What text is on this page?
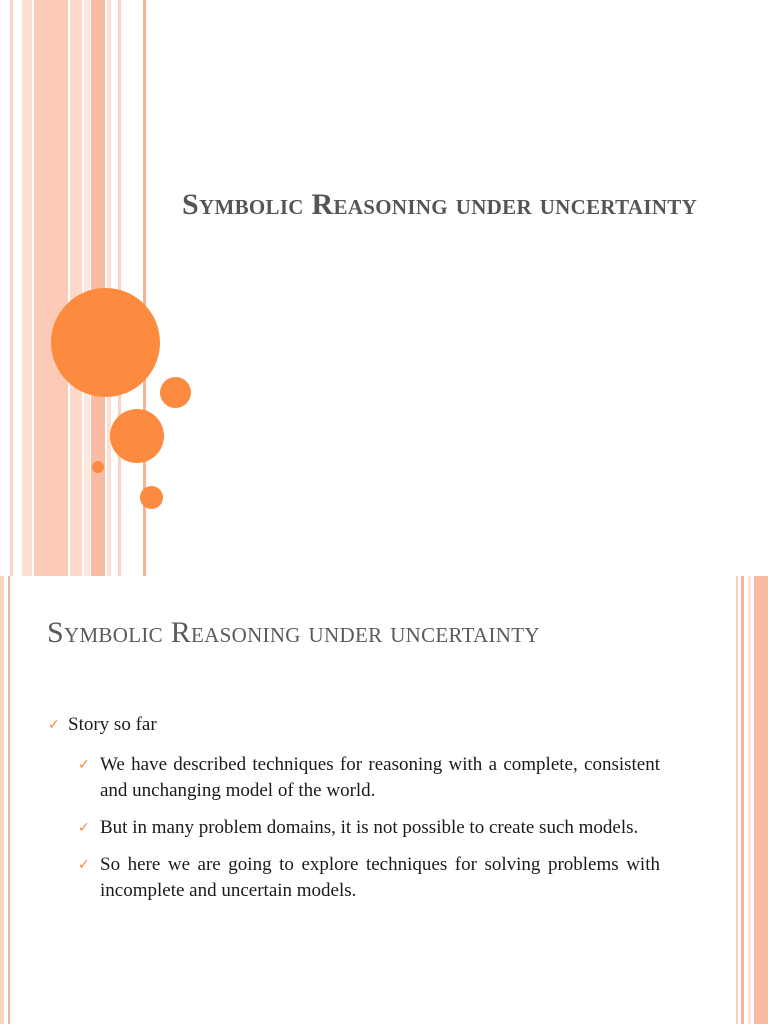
Symbolic Reasoning under uncertainty
Symbolic Reasoning under uncertainty
✓ Story so far
✓ We have described techniques for reasoning with a complete, consistent and unchanging model of the world.
✓ But in many problem domains, it is not possible to create such models.
✓ So here we are going to explore techniques for solving problems with incomplete and uncertain models.
